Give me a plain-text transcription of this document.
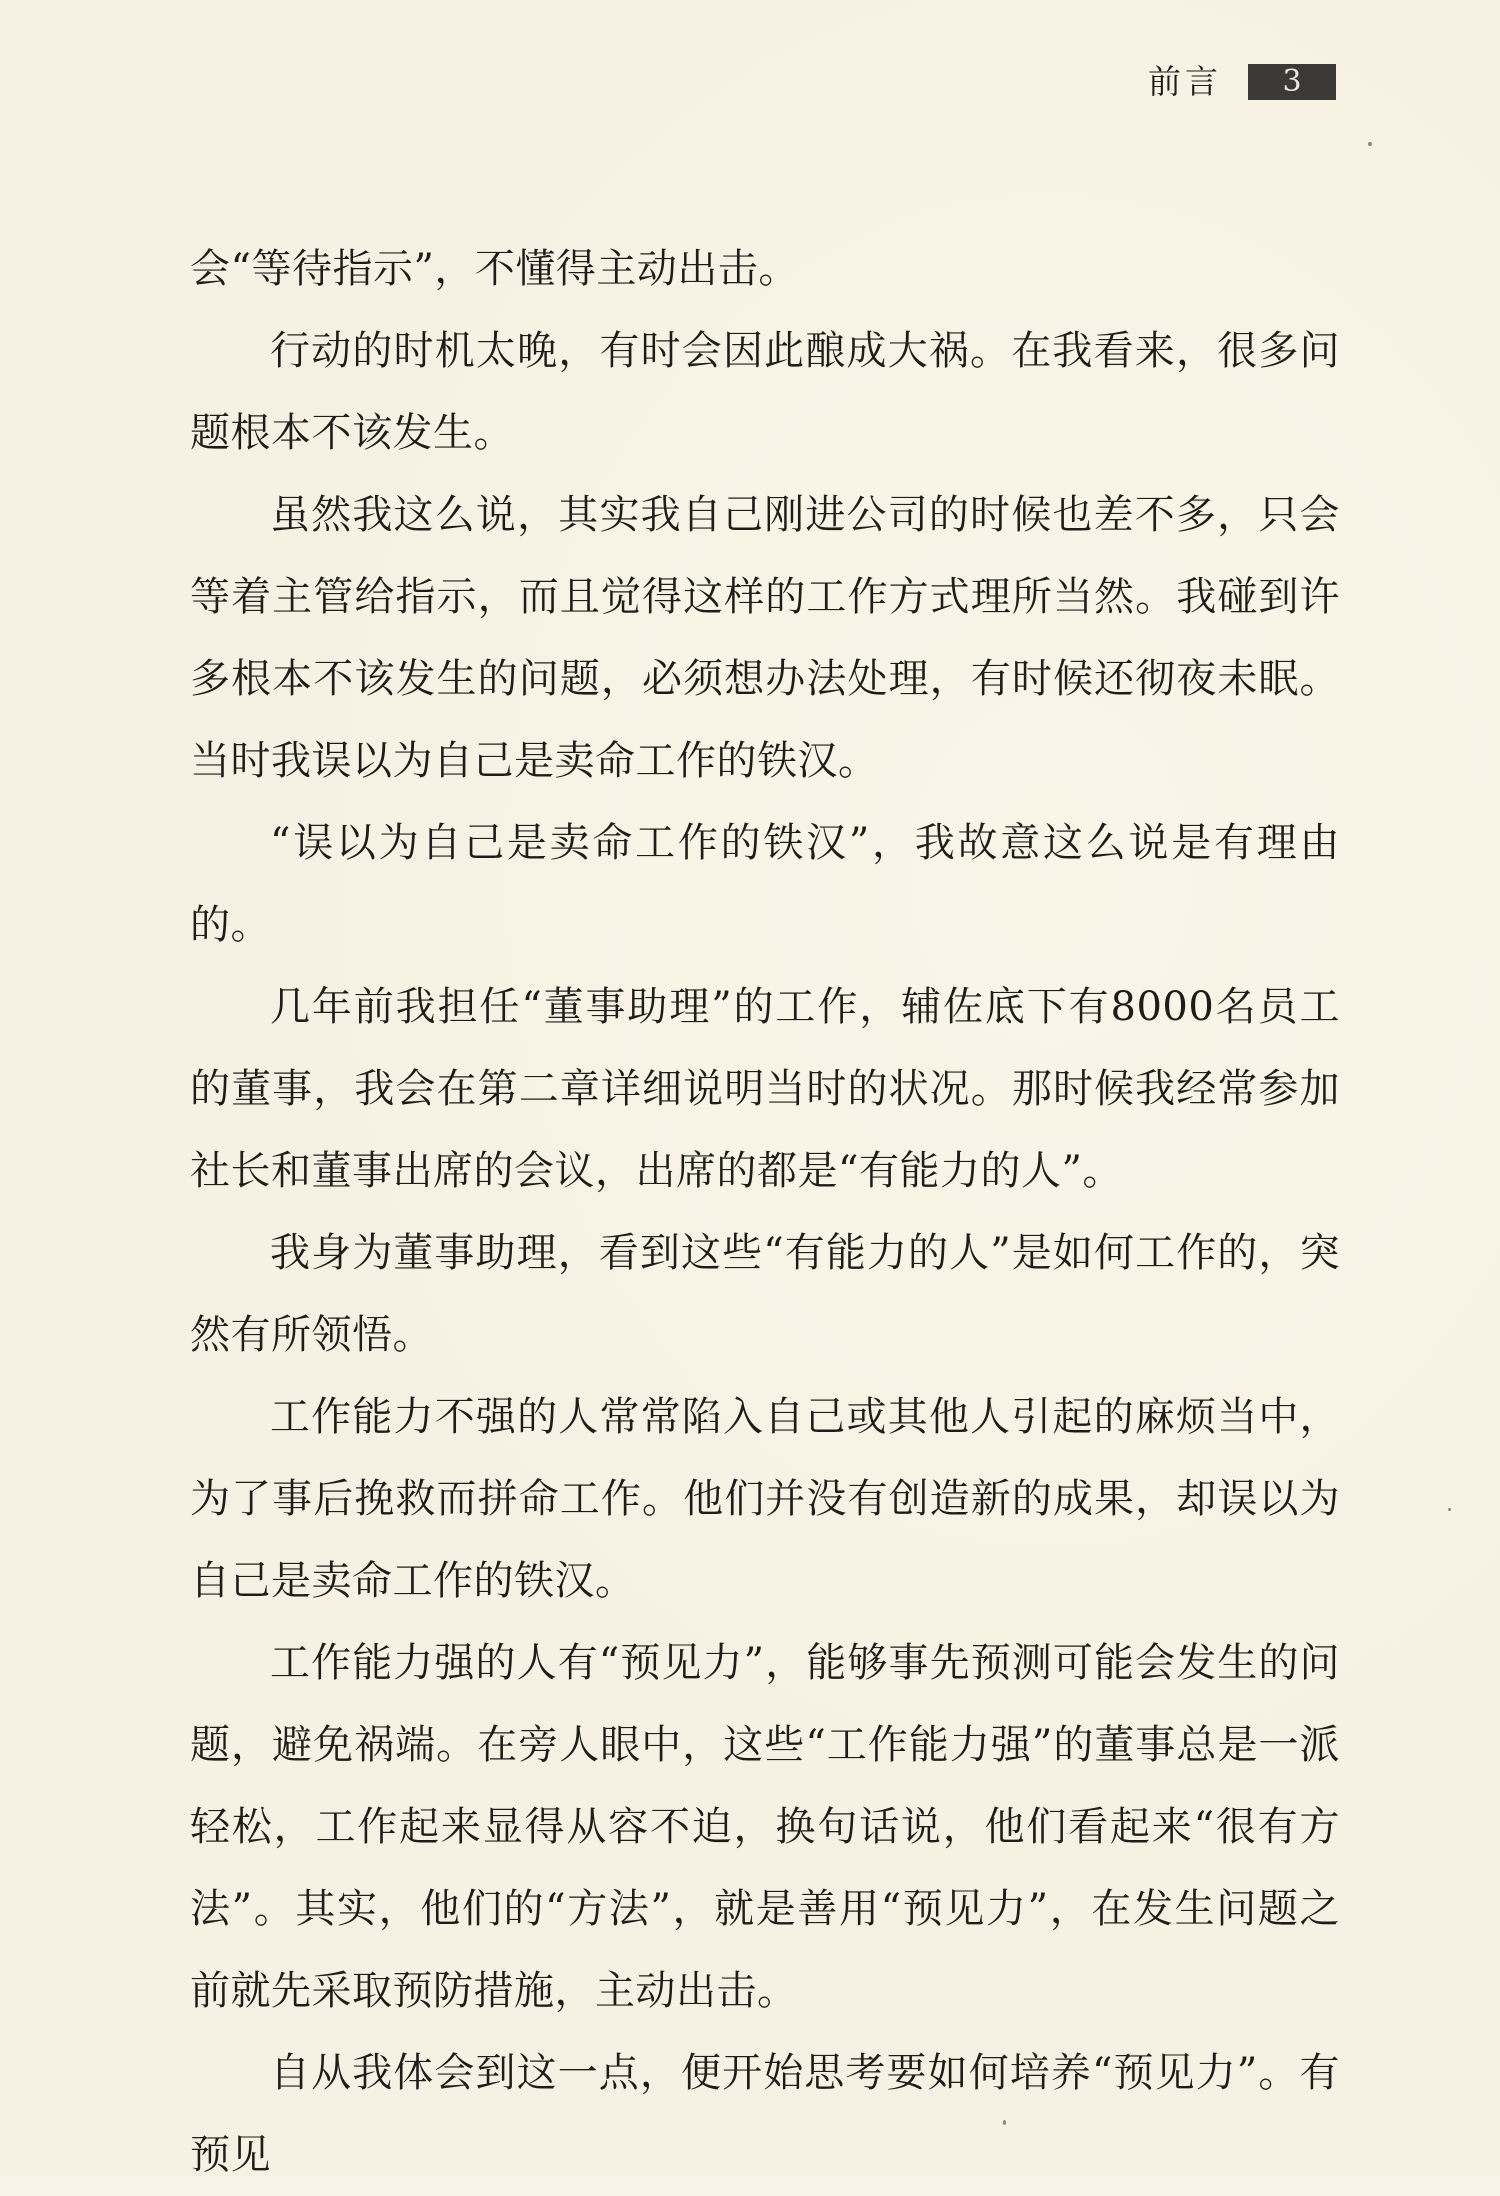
前言	3

会“等待指示”，不懂得主动出击。

行动的时机太晚，有时会因此酿成大祸。在我看来，很多问题根本不该发生。

虽然我这么说，其实我自己刚进公司的时候也差不多，只会等着主管给指示，而且觉得这样的工作方式理所当然。我碰到许多根本不该发生的问题，必须想办法处理，有时候还彻夜未眠。当时我误以为自己是卖命工作的铁汉。

“误以为自己是卖命工作的铁汉”，我故意这么说是有理由的。

几年前我担任“董事助理”的工作，辅佐底下有8000名员工的董事，我会在第二章详细说明当时的状况。那时候我经常参加社长和董事出席的会议，出席的都是“有能力的人”。

我身为董事助理，看到这些“有能力的人”是如何工作的，突然有所领悟。

工作能力不强的人常常陷入自己或其他人引起的麻烦当中，为了事后挽救而拼命工作。他们并没有创造新的成果，却误以为自己是卖命工作的铁汉。

工作能力强的人有“预见力”，能够事先预测可能会发生的问题，避免祸端。在旁人眼中，这些“工作能力强”的董事总是一派轻松，工作起来显得从容不迫，换句话说，他们看起来“很有方法”。其实，他们的“方法”，就是善用“预见力”，在发生问题之前就先采取预防措施，主动出击。

自从我体会到这一点，便开始思考要如何培养“预见力”。有预见
